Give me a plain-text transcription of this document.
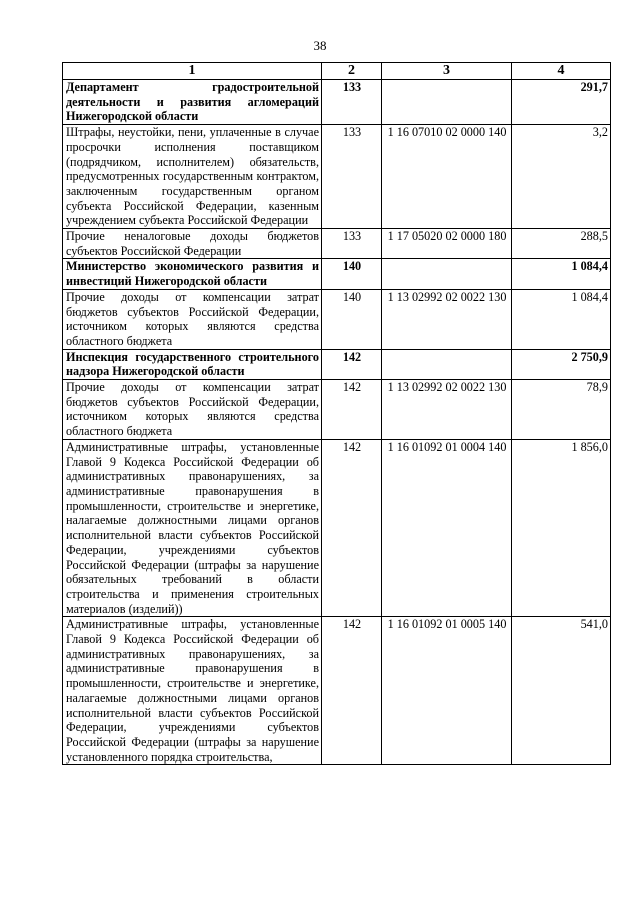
38
1	2	3	4
Департамент градостроительной деятельности и развития агломераций Нижегородской области	133		291,7
Штрафы, неустойки, пени, уплаченные в случае просрочки исполнения поставщиком (подрядчиком, исполнителем) обязательств, предусмотренных государственным контрактом, заключенным государственным органом субъекта Российской Федерации, казенным учреждением субъекта Российской Федерации	133	1 16 07010 02 0000 140	3,2
Прочие неналоговые доходы бюджетов субъектов Российской Федерации	133	1 17 05020 02 0000 180	288,5
Министерство экономического развития и инвестиций Нижегородской области	140		1 084,4
Прочие доходы от компенсации затрат бюджетов субъектов Российской Федерации, источником которых являются средства областного бюджета	140	1 13 02992 02 0022 130	1 084,4
Инспекция государственного строительного надзора Нижегородской области	142		2 750,9
Прочие доходы от компенсации затрат бюджетов субъектов Российской Федерации, источником которых являются средства областного бюджета	142	1 13 02992 02 0022 130	78,9
Административные штрафы, установленные Главой 9 Кодекса Российской Федерации об административных правонарушениях, за административные правонарушения в промышленности, строительстве и энергетике, налагаемые должностными лицами органов исполнительной власти субъектов Российской Федерации, учреждениями субъектов Российской Федерации (штрафы за нарушение обязательных требований в области строительства и применения строительных материалов (изделий))	142	1 16 01092 01 0004 140	1 856,0

Административные штрафы, установленные Главой 9 Кодекса Российской Федерации об административных правонарушениях, за административные правонарушения в промышленности, строительстве и энергетике, налагаемые должностными лицами органов исполнительной власти субъектов Российской Федерации, учреждениями субъектов Российской Федерации (штрафы за нарушение установленного порядка строительства,	142	1 16 01092 01 0005 140	541,0
